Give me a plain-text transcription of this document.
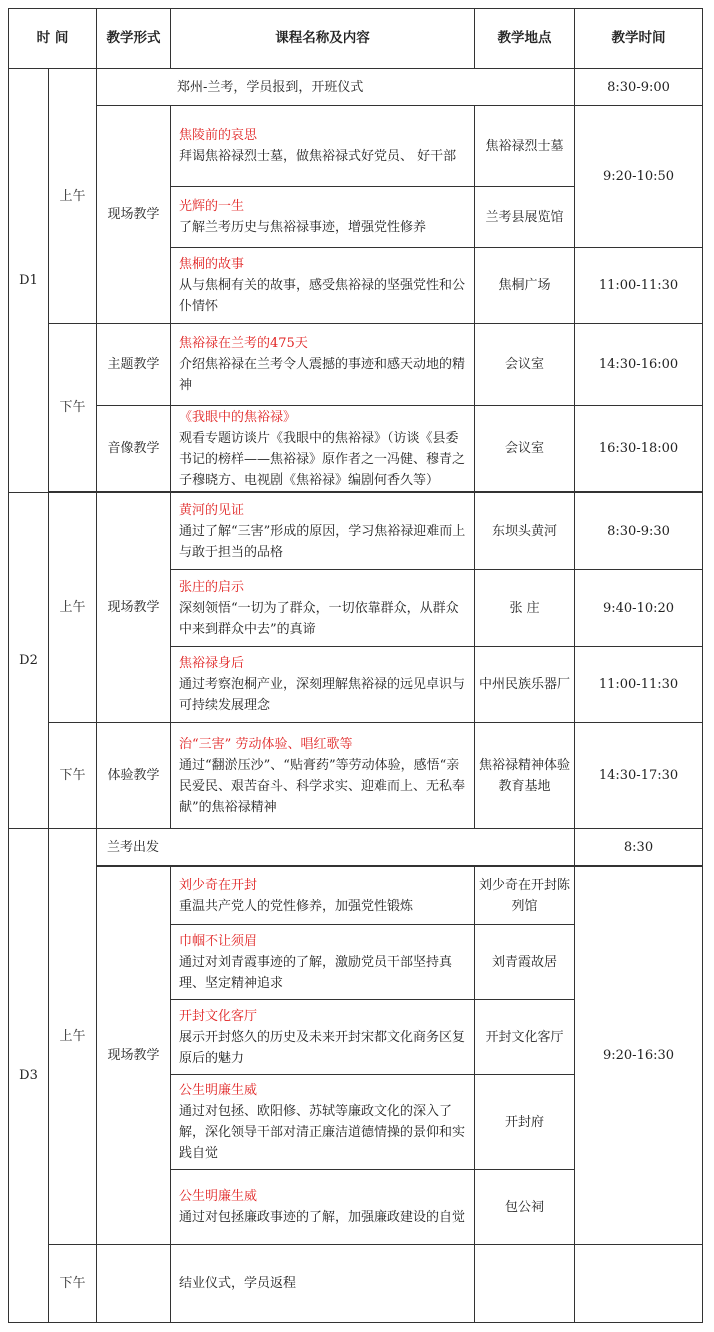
时 间		教学形式	课程名称及内容	教学地点	教学时间
D1	上午	郑州-兰考，学员报到，开班仪式			8:30-9:00
		现场教学	焦陵前的哀思
拜谒焦裕禄烈士墓，做焦裕禄式好党员、 好干部	焦裕禄烈士墓	9:20-10:50

			光辉的一生
了解兰考历史与焦裕禄事迹，增强党性修养	兰考县展览馆	

			焦桐的故事
从与焦桐有关的故事，感受焦裕禄的坚强党性和公仆情怀	焦桐广场	11:00-11:30
	下午	主题教学	焦裕禄在兰考的475天
介绍焦裕禄在兰考令人震撼的事迹和感天动地的精神	会议室	14:30-16:00
		音像教学	《我眼中的焦裕禄》
观看专题访谈片《我眼中的焦裕禄》（访谈《县委书记的榜样——焦裕禄》原作者之一冯健、穆青之子穆晓方、电视剧《焦裕禄》编剧何香久等）	会议室	16:30-18:00

D2	上午	现场教学	黄河的见证
通过了解“三害”形成的原因，学习焦裕禄迎难而上与敢于担当的品格	东坝头黄河	8:30-9:30

			张庄的启示
深刻领悟“一切为了群众，一切依靠群众，从群众中来到群众中去”的真谛	张 庄	9:40-10:20

			焦裕禄身后
通过考察泡桐产业，深刻理解焦裕禄的远见卓识与可持续发展理念	中州民族乐器厂	11:00-11:30
	下午	体验教学	治“三害” 劳动体验、唱红歌等
通过“翻淤压沙”、“贴膏药”等劳动体验，感悟“亲民爱民、艰苦奋斗、科学求实、迎难而上、无私奉献”的焦裕禄精神	焦裕禄精神体验教育基地	14:30-17:30
D3	上午	兰考出发			8:30

		现场教学	刘少奇在开封
重温共产党人的党性修养，加强党性锻炼	刘少奇在开封陈列馆	9:20-16:30

			巾帼不让须眉
通过对刘青霞事迹的了解，激励党员干部坚持真理、坚定精神追求	刘青霞故居	

			开封文化客厅
展示开封悠久的历史及未来开封宋都文化商务区复原后的魅力	开封文化客厅	

			公生明廉生威
通过对包拯、欧阳修、苏轼等廉政文化的深入了解，深化领导干部对清正廉洁道德情操的景仰和实践自觉	开封府	

			公生明廉生威
通过对包拯廉政事迹的了解，加强廉政建设的自觉	包公祠	
	下午		结业仪式，学员返程		
